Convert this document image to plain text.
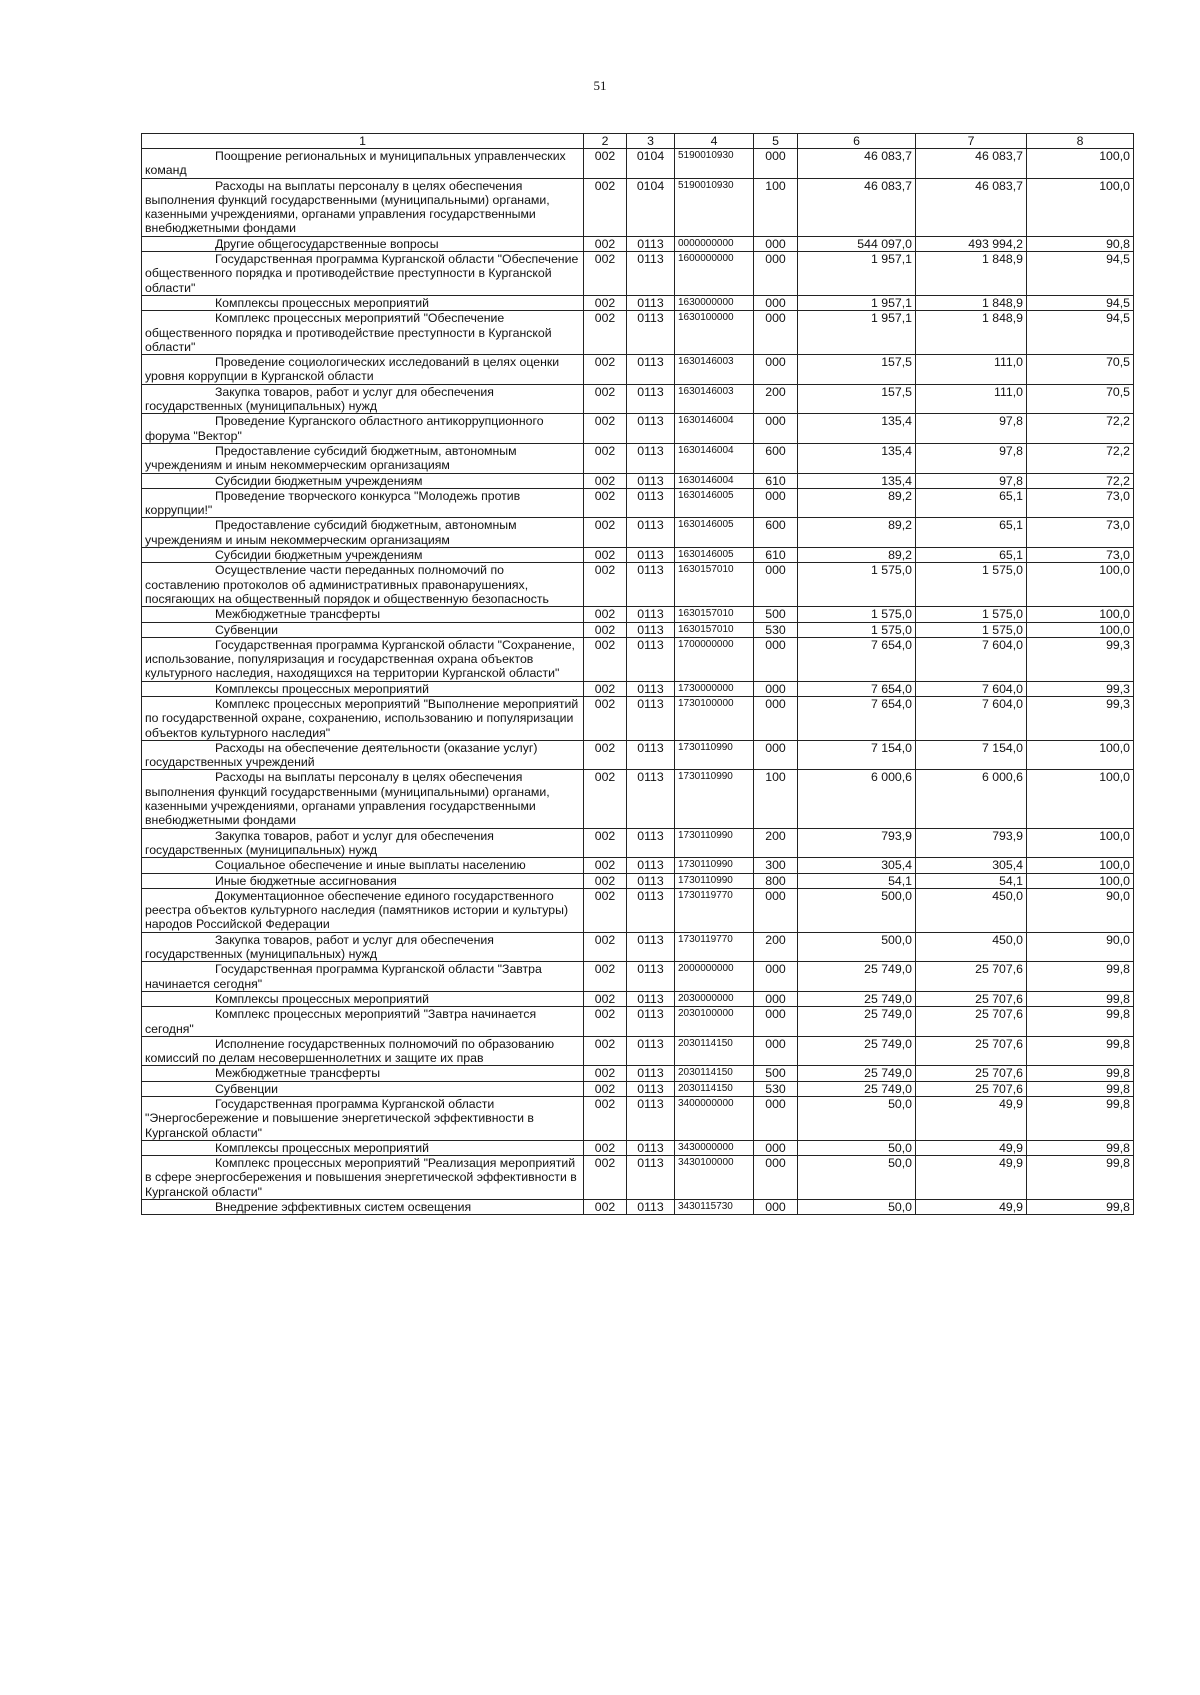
51
1	2	3	4	5	6	7	8
Поощрение региональных и муниципальных управленческих команд	002	0104	5190010930	000	46 083,7	46 083,7	100,0
Расходы на выплаты персоналу в целях обеспечения выполнения функций государственными (муниципальными) органами, казенными учреждениями, органами управления государственными внебюджетными фондами	002	0104	5190010930	100	46 083,7	46 083,7	100,0
Другие общегосударственные вопросы	002	0113	0000000000	000	544 097,0	493 994,2	90,8
Государственная программа Курганской области "Обеспечение общественного порядка и противодействие преступности в Курганской области"	002	0113	1600000000	000	1 957,1	1 848,9	94,5
Комплексы процессных мероприятий	002	0113	1630000000	000	1 957,1	1 848,9	94,5
Комплекс процессных мероприятий "Обеспечение общественного порядка и противодействие преступности в Курганской области"	002	0113	1630100000	000	1 957,1	1 848,9	94,5
Проведение социологических исследований в целях оценки уровня коррупции в Курганской области	002	0113	1630146003	000	157,5	111,0	70,5
Закупка товаров, работ и услуг для обеспечения государственных (муниципальных) нужд	002	0113	1630146003	200	157,5	111,0	70,5
Проведение Курганского областного антикоррупционного форума "Вектор"	002	0113	1630146004	000	135,4	97,8	72,2
Предоставление субсидий бюджетным, автономным учреждениям и иным некоммерческим организациям	002	0113	1630146004	600	135,4	97,8	72,2
Субсидии бюджетным учреждениям	002	0113	1630146004	610	135,4	97,8	72,2
Проведение творческого конкурса "Молодежь против коррупции!"	002	0113	1630146005	000	89,2	65,1	73,0
Предоставление субсидий бюджетным, автономным учреждениям и иным некоммерческим организациям	002	0113	1630146005	600	89,2	65,1	73,0
Субсидии бюджетным учреждениям	002	0113	1630146005	610	89,2	65,1	73,0
Осуществление части переданных полномочий по составлению протоколов об административных правонарушениях, посягающих на общественный порядок и общественную безопасность	002	0113	1630157010	000	1 575,0	1 575,0	100,0
Межбюджетные трансферты	002	0113	1630157010	500	1 575,0	1 575,0	100,0
Субвенции	002	0113	1630157010	530	1 575,0	1 575,0	100,0
Государственная программа Курганской области "Сохранение, использование, популяризация и государственная охрана объектов культурного наследия, находящихся на территории Курганской области"	002	0113	1700000000	000	7 654,0	7 604,0	99,3
Комплексы процессных мероприятий	002	0113	1730000000	000	7 654,0	7 604,0	99,3
Комплекс процессных мероприятий "Выполнение мероприятий по государственной охране, сохранению, использованию и популяризации объектов культурного наследия"	002	0113	1730100000	000	7 654,0	7 604,0	99,3
Расходы на обеспечение деятельности (оказание услуг) государственных учреждений	002	0113	1730110990	000	7 154,0	7 154,0	100,0
Расходы на выплаты персоналу в целях обеспечения выполнения функций государственными (муниципальными) органами, казенными учреждениями, органами управления государственными внебюджетными фондами	002	0113	1730110990	100	6 000,6	6 000,6	100,0
Закупка товаров, работ и услуг для обеспечения государственных (муниципальных) нужд	002	0113	1730110990	200	793,9	793,9	100,0
Социальное обеспечение и иные выплаты населению	002	0113	1730110990	300	305,4	305,4	100,0
Иные бюджетные ассигнования	002	0113	1730110990	800	54,1	54,1	100,0
Документационное обеспечение единого государственного реестра объектов культурного наследия (памятников истории и культуры) народов Российской Федерации	002	0113	1730119770	000	500,0	450,0	90,0
Закупка товаров, работ и услуг для обеспечения государственных (муниципальных) нужд	002	0113	1730119770	200	500,0	450,0	90,0
Государственная программа Курганской области "Завтра начинается сегодня"	002	0113	2000000000	000	25 749,0	25 707,6	99,8
Комплексы процессных мероприятий	002	0113	2030000000	000	25 749,0	25 707,6	99,8
Комплекс процессных мероприятий "Завтра начинается сегодня"	002	0113	2030100000	000	25 749,0	25 707,6	99,8
Исполнение государственных полномочий по образованию комиссий по делам несовершеннолетних и защите их прав	002	0113	2030114150	000	25 749,0	25 707,6	99,8
Межбюджетные трансферты	002	0113	2030114150	500	25 749,0	25 707,6	99,8
Субвенции	002	0113	2030114150	530	25 749,0	25 707,6	99,8
Государственная программа Курганской области "Энергосбережение и повышение энергетической эффективности в Курганской области"	002	0113	3400000000	000	50,0	49,9	99,8
Комплексы процессных мероприятий	002	0113	3430000000	000	50,0	49,9	99,8
Комплекс процессных мероприятий "Реализация мероприятий в сфере энергосбережения и повышения энергетической эффективности в Курганской области"	002	0113	3430100000	000	50,0	49,9	99,8
Внедрение эффективных систем освещения	002	0113	3430115730	000	50,0	49,9	99,8
